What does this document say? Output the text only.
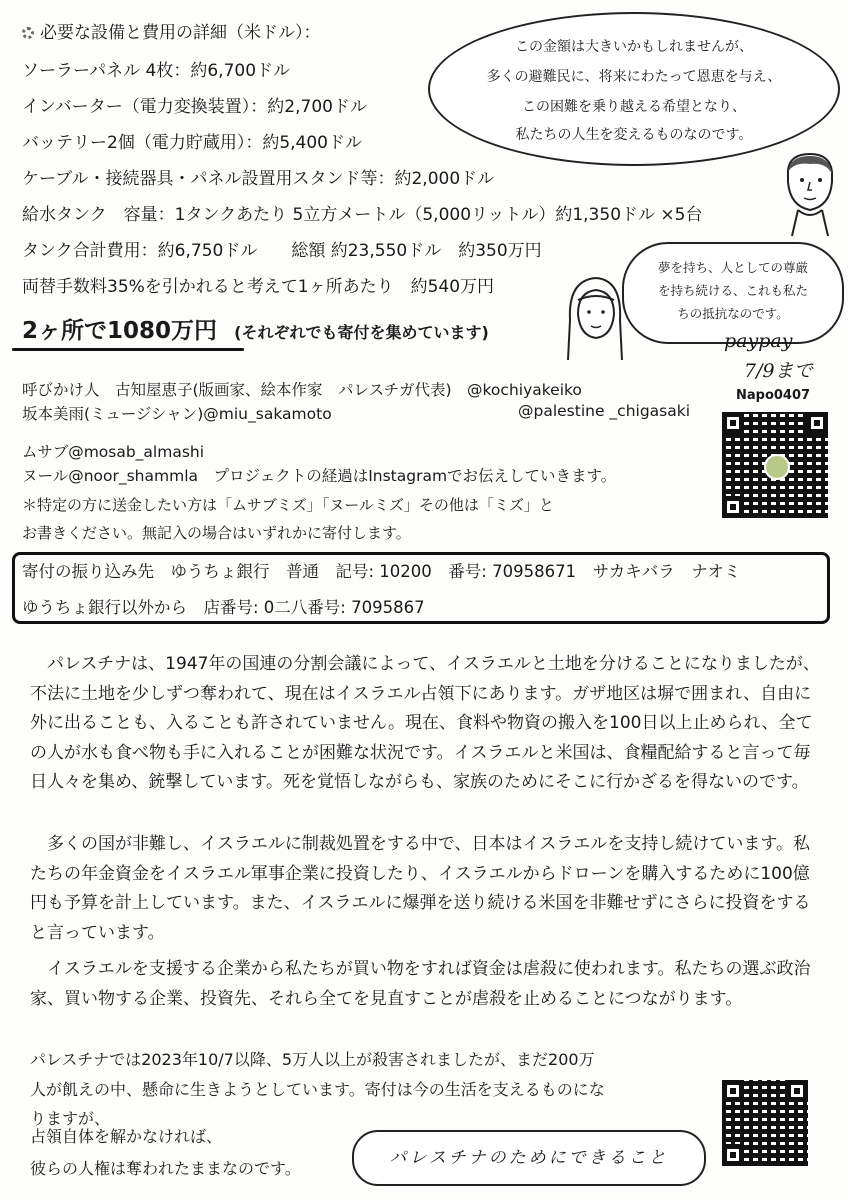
必要な設備と費用の詳細（米ドル）：
ソーラーパネル 4枚：約6,700ドル
インバーター（電力変換装置）：約2,700ドル
バッテリー2個（電力貯蔵用）：約5,400ドル
ケーブル・接続器具・パネル設置用スタンド等：約2,000ドル
給水タンク　容量：1タンクあたり 5立方メートル（5,000リットル）約1,350ドル ×5台
タンク合計費用：約6,750ドル　　総額 約23,550ドル　約350万円
両替手数料35%を引かれると考えて1ヶ所あたり　約540万円
2ヶ所で1080万円 (それぞれでも寄付を集めています)
この金額は大きいかもしれませんが、
多くの避難民に、将来にわたって恩恵を与え、
この困難を乗り越える希望となり、
私たちの人生を変えるものなのです。
夢を持ち、人としての尊厳
を持ち続ける、これも私た
ちの抵抗なのです。
paypay
7/9まで
Napo0407
呼びかけ人　古知屋恵子(版画家、絵本作家　パレスチガ代表)　@kochiyakeiko
坂本美雨(ミュージシャン)@miu_sakamoto	@palestine _chigasaki
ムサブ@mosab_almashi
ヌール@noor_shammla　プロジェクトの経過はInstagramでお伝えしていきます。
＊特定の方に送金したい方は「ムサブミズ」「ヌールミズ」その他は「ミズ」と
お書きください。無記入の場合はいずれかに寄付します。
寄付の振り込み先　ゆうちょ銀行　普通　記号: 10200　番号: 70958671　サカキバラ　ナオミ
ゆうちょ銀行以外から　店番号: 0二八番号: 7095867

パレスチナは、1947年の国連の分割会議によって、イスラエルと土地を分けることになりましたが、不法に土地を少しずつ奪われて、現在はイスラエル占領下にあります。ガザ地区は塀で囲まれ、自由に外に出ることも、入ることも許されていません。現在、食料や物資の搬入を100日以上止められ、全ての人が水も食べ物も手に入れることが困難な状況です。イスラエルと米国は、食糧配給すると言って毎日人々を集め、銃撃しています。死を覚悟しながらも、家族のためにそこに行かざるを得ないのです。

多くの国が非難し、イスラエルに制裁処置をする中で、日本はイスラエルを支持し続けています。私たちの年金資金をイスラエル軍事企業に投資したり、イスラエルからドローンを購入するために100億円も予算を計上しています。また、イスラエルに爆弾を送り続ける米国を非難せずにさらに投資をすると言っています。

イスラエルを支援する企業から私たちが買い物をすれば資金は虐殺に使われます。私たちの選ぶ政治家、買い物する企業、投資先、それら全てを見直すことが虐殺を止めることにつながります。

パレスチナでは2023年10/7以降、5万人以上が殺害されましたが、まだ200万人が飢えの中、懸命に生きようとしています。寄付は今の生活を支えるものになりますが、

占領自体を解かなければ、
彼らの人権は奪われたままなのです。
パレスチナのためにできること
